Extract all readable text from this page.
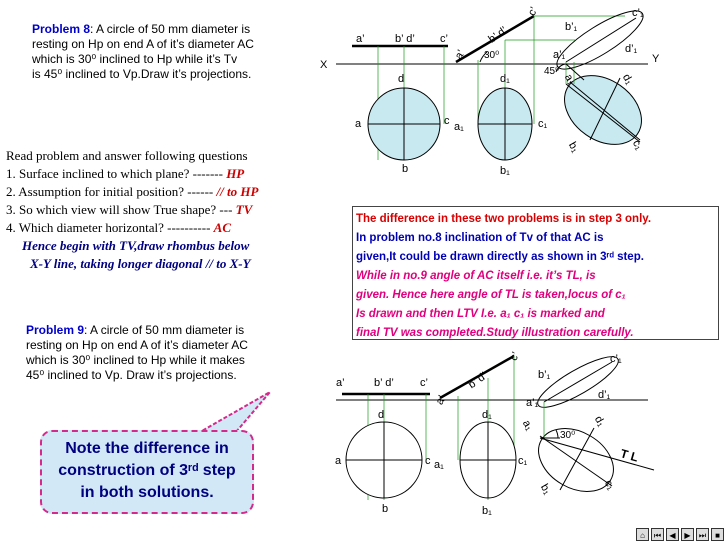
Problem 8: A circle of 50 mm diameter is
resting on Hp on end A of it’s diameter AC
which is 30⁰ inclined to Hp while it’s Tv
is 45⁰ inclined to Vp.Draw it’s projections.
Read problem and answer following questions
1. Surface inclined to which plane? ------- HP
2. Assumption for initial position? ------ // to HP
3. So which view will show True shape? --- TV
4. Which diameter horizontal? ---------- AC
Hence begin with TV,draw rhombus below
X-Y line, taking longer diagonal // to X-Y
Problem 9: A circle of 50 mm diameter is
resting on Hp on end A of it’s diameter AC
which is 30⁰ inclined to Hp while it makes
45⁰ inclined to Vp. Draw it’s projections.
Note the difference in
construction of 3ʳᵈ step
in both solutions.
The difference in these two problems is in step 3 only.
In problem no.8 inclination of Tv of that AC is
given,It could be drawn directly as shown in 3ʳᵈ step.
While in no.9 angle of AC itself i.e. it’s TL, is
given. Hence here angle of TL is taken,locus of c₁
Is drawn and then LTV I.e. a₁ c₁ is marked and
final TV was completed.Study illustration carefully.
X	Y
a’	b’ d’ c’
a’
b’ d’
c’
30⁰
45⁰
d
a	c
b
d₁
a₁	c₁
b₁
b’₁
c’₁
d’₁
a’₁
a₁	d₁
b₁	c₁
a’	b’ d’ c’
a’
b’ d’
c’
d
a	c
b
d₁
a₁	c₁
b₁
b’₁
c’₁
d’₁
a’₁
30⁰
T L
a₁	d₁
b₁	c₁
⌂	⏮	◀	▶	⏭	■
